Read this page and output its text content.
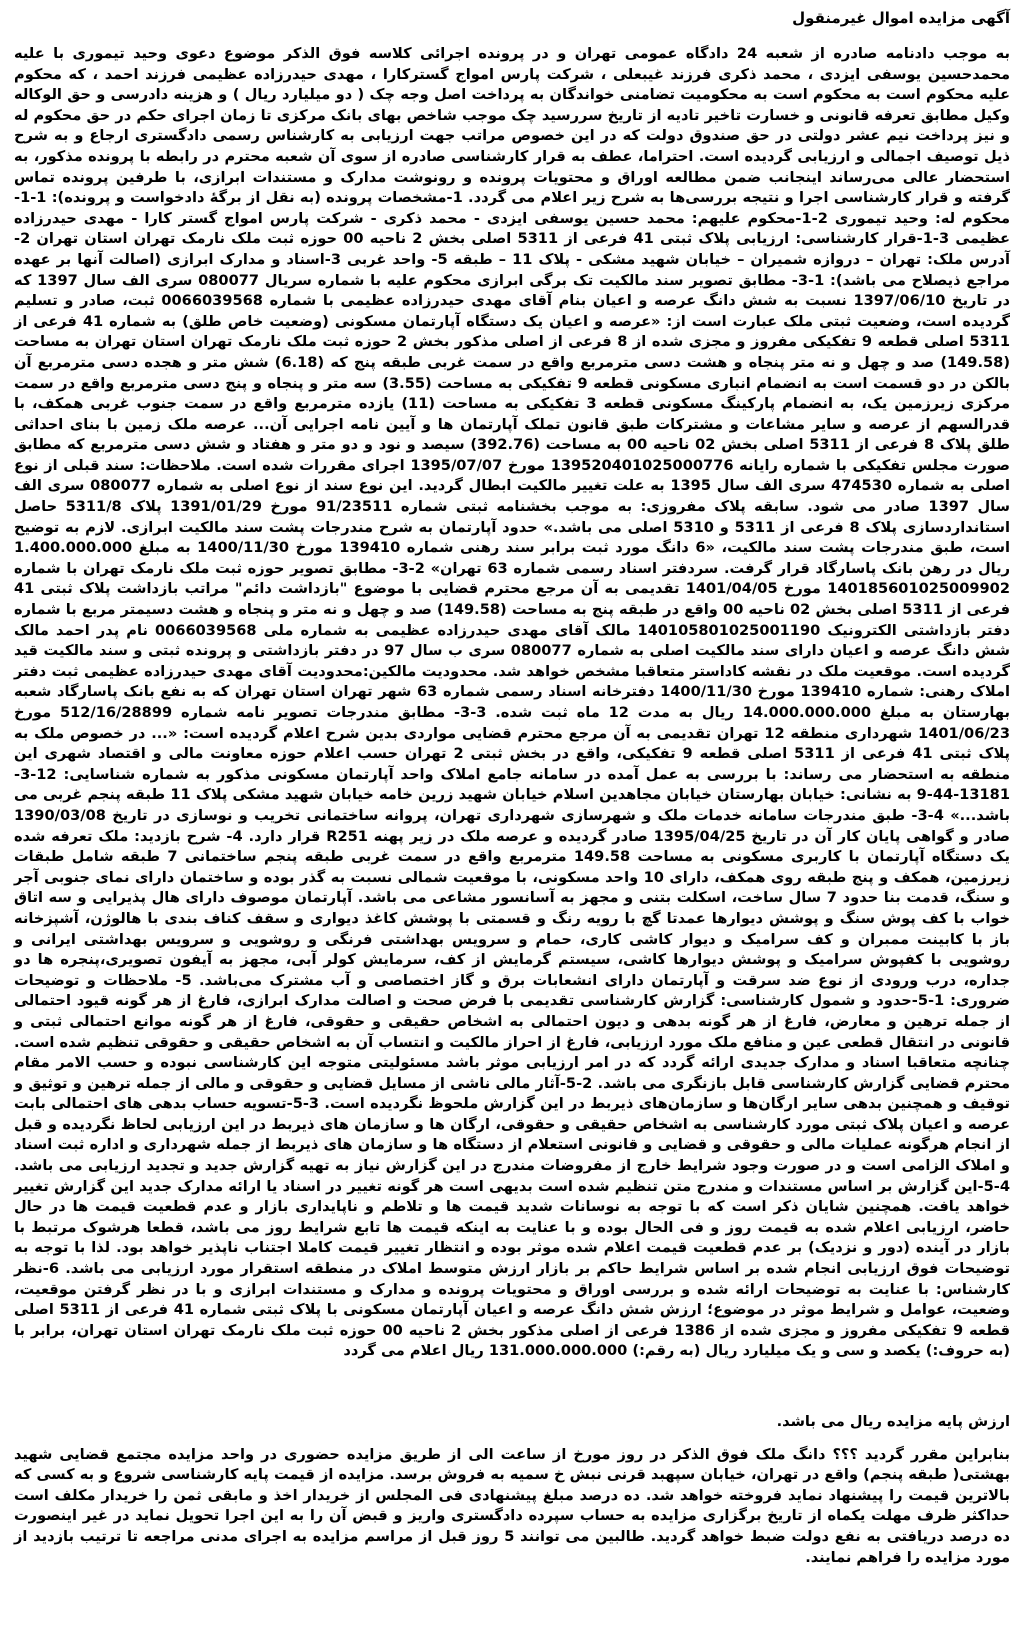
آگهی مزایده اموال غیرمنقول

به موجب دادنامه صادره از شعبه 24 دادگاه عمومی تهران و در پرونده اجرائی کلاسه فوق الذکر موضوع دعوی وحید تیموری با علیه محمدحسین یوسفی ایزدی ، محمد ذکری فرزند غیبعلی ، شرکت پارس امواج گسترکارا ، مهدی حیدرزاده عظیمی فرزند احمد ، که محکوم علیه محکوم است به محکوم است به محکومیت تضامنی خواندگان به پرداخت اصل وجه چک ( دو میلیارد ریال ) و هزینه دادرسی و حق الوکاله وکیل مطابق تعرفه قانونی و خسارت تاخیر تادیه از تاریخ سررسید چک موجب شاخص بهای بانک مرکزی تا زمان اجرای حکم در حق محکوم له و نیز پرداخت نیم عشر دولتی در حق صندوق دولت که در این خصوص مراتب جهت ارزیابی به کارشناس رسمی دادگستری ارجاع و به شرح ذیل توصیف اجمالی و ارزیابی گردیده است. احتراما، عطف به قرار کارشناسی صادره از سوی آن شعبه محترم در رابطه با پرونده مذکور، به استحضار عالی می‌رساند اینجانب ضمن مطالعه اوراق و محتویات پرونده و رونوشت مدارک و مستندات ابرازی، با طرفین پرونده تماس گرفته و قرار کارشناسی اجرا و نتیجه بررسی‌ها به شرح زیر اعلام می گردد. 1-مشخصات پرونده (به نقل از برگهٔ دادخواست و پرونده): 1-1-محکوم له: وحید تیموری 2-1-محکوم علیهم: محمد حسین یوسفی ایزدی - محمد ذکری - شرکت پارس امواج گستر کارا - مهدی حیدرزاده عظیمی 3-1-قرار کارشناسی: ارزیابی پلاک ثبتی 41 فرعی از 5311 اصلی بخش 2 ناحیه 00 حوزه ثبت ملک نارمک تهران استان تهران 2-آدرس ملک: تهران – دروازه شمیران – خیابان شهید مشکی - پلاک 11 – طبقه 5- واحد غربی 3-اسناد و مدارک ابرازی (اصالت آنها بر عهده مراجع ذیصلاح می باشد): 1-3- مطابق تصویر سند مالکیت تک برگی ابرازی محکوم علیه با شماره سریال 080077 سری الف سال 1397 که در تاریخ 1397/06/10 نسبت به شش دانگ عرصه و اعیان بنام آقای مهدی حیدرزاده عظیمی با شماره 0066039568 ثبت، صادر و تسلیم گردیده است، وضعیت ثبتی ملک عبارت است از: «عرصه و اعیان یک دستگاه آپارتمان مسکونی (وضعیت خاص طلق) به شماره 41 فرعی از 5311 اصلی قطعه 9 تفکیکی مفروز و مجزی شده از 8 فرعی از اصلی مذکور بخش 2 حوزه ثبت ملک نارمک تهران استان تهران به مساحت (149.58) صد و چهل و نه متر پنجاه و هشت دسی مترمربع واقع در سمت غربی طبقه پنج که (6.18) شش متر و هجده دسی مترمربع آن بالکن در دو قسمت است به انضمام انباری مسکونی قطعه 9 تفکیکی به مساحت (3.55) سه متر و پنجاه و پنج دسی مترمربع واقع در سمت مرکزی زیرزمین یک، به انضمام پارکینگ مسکونی قطعه 3 تفکیکی به مساحت (11) یازده مترمربع واقع در سمت جنوب غربی همکف، با قدرالسهم از عرصه و سایر مشاعات و مشترکات طبق قانون تملک آپارتمان ها و آیین نامه اجرایی آن... عرصه ملک زمین با بنای احداثی طلق پلاک 8 فرعی از 5311 اصلی بخش 02 ناحیه 00 به مساحت (392.76) سیصد و نود و دو متر و هفتاد و شش دسی مترمربع که مطابق صورت مجلس تفکیکی با شماره رایانه 139520401025000776 مورخ 1395/07/07 اجرای مقررات شده است. ملاحظات: سند قبلی از نوع اصلی به شماره 474530 سری الف سال 1395 به علت تغییر مالکیت ابطال گردید. این نوع سند از نوع اصلی به شماره 080077 سری الف سال 1397 صادر می شود. سابقه پلاک مفروزی: به موجب بخشنامه ثبتی شماره 91/23511 مورخ 1391/01/29 پلاک 5311/8 حاصل استانداردسازی پلاک 8 فرعی از 5311 و 5310 اصلی می باشد.» حدود آپارتمان به شرح مندرجات پشت سند مالکیت ابرازی. لازم به توضیح است، طبق مندرجات پشت سند مالکیت، «6 دانگ مورد ثبت برابر سند رهنی شماره 139410 مورخ 1400/11/30 به مبلغ 1.400.000.000 ریال در رهن بانک پاسارگاد قرار گرفت. سردفتر اسناد رسمی شماره 63 تهران» 2-3- مطابق تصویر حوزه ثبت ملک نارمک تهران با شماره 140185601025009902 مورخ 1401/04/05 تقدیمی به آن مرجع محترم قضایی با موضوع "بازداشت دائم" مراتب بازداشت پلاک ثبتی 41 فرعی از 5311 اصلی بخش 02 ناحیه 00 واقع در طبقه پنج به مساحت (149.58) صد و چهل و نه متر و پنجاه و هشت دسیمتر مربع با شماره دفتر بازداشتی الکترونیک 140105801025001190 مالک آقای مهدی حیدرزاده عظیمی به شماره ملی 0066039568 نام پدر احمد مالک شش دانگ عرصه و اعیان دارای سند مالکیت اصلی به شماره 080077 سری ب سال 97 در دفتر بازداشتی و پرونده ثبتی و سند مالکیت قید گردیده است. موقعیت ملک در نقشه کاداستر متعاقبا مشخص خواهد شد. محدودیت مالکین:محدودیت آقای مهدی حیدرزاده عظیمی ثبت دفتر املاک رهنی: شماره 139410 مورخ 1400/11/30 دفترخانه اسناد رسمی شماره 63 شهر تهران استان تهران که به نفع بانک پاسارگاد شعبه بهارستان به مبلغ 14.000.000.000 ریال به مدت 12 ماه ثبت شده. 3-3- مطابق مندرجات تصویر نامه شماره 512/16/28899 مورخ 1401/06/23 شهرداری منطقه 12 تهران تقدیمی به آن مرجع محترم قضایی مواردی بدین شرح اعلام گردیده است: «... در خصوص ملک به پلاک ثبتی 41 فرعی از 5311 اصلی قطعه 9 تفکیکی، واقع در بخش ثبتی 2 تهران حسب اعلام حوزه معاونت مالی و اقتصاد شهری این منطقه به استحضار می رساند: با بررسی به عمل آمده در سامانه جامع املاک واحد آپارتمان مسکونی مذکور به شماره شناسایی: 12-3-13181-44-9 به نشانی: خیابان بهارستان خیابان مجاهدین اسلام خیابان شهید زرین خامه خیابان شهید مشکی پلاک 11 طبقه پنجم غربی می باشد...» 4-3- طبق مندرجات سامانه خدمات ملک و شهرسازی شهرداری تهران، پروانه ساختمانی تخریب و نوسازی در تاریخ 1390/03/08 صادر و گواهی پایان کار آن در تاریخ 1395/04/25 صادر گردیده و عرصه ملک در زیر پهنه R251 قرار دارد. 4- شرح بازدید: ملک تعرفه شده یک دستگاه آپارتمان با کاربری مسکونی به مساحت 149.58 مترمربع واقع در سمت غربی طبقه پنجم ساختمانی 7 طبقه شامل طبقات زیرزمین، همکف و پنج طبقه روی همکف، دارای 10 واحد مسکونی، با موقعیت شمالی نسبت به گذر بوده و ساختمان دارای نمای جنوبی آجر و سنگ، قدمت بنا حدود 7 سال ساخت، اسکلت بتنی و مجهز به آسانسور مشاعی می باشد. آپارتمان موصوف دارای هال پذیرایی و سه اتاق خواب با کف پوش سنگ و پوشش دیوارها عمدتا گچ با رویه رنگ و قسمتی با پوشش کاغذ دیواری و سقف کناف بندی با هالوژن، آشپزخانه باز با کابینت ممبران و کف سرامیک و دیوار کاشی کاری، حمام و سرویس بهداشتی فرنگی و روشویی و سرویس بهداشتی ایرانی و روشویی با کفپوش سرامیک و پوشش دیوارها کاشی، سیستم گرمایش از کف، سرمایش کولر آبی، مجهز به آیفون تصویری،پنجره ها دو جداره، درب ورودی از نوع ضد سرقت و آپارتمان دارای انشعابات برق و گاز اختصاصی و آب مشترک می‌باشد. 5- ملاحظات و توضیحات ضروری: 1-5-حدود و شمول کارشناسی: گزارش کارشناسی تقدیمی با فرض صحت و اصالت مدارک ابرازی، فارغ از هر گونه قیود احتمالی از جمله ترهین و معارض، فارغ از هر گونه بدهی و دیون احتمالی به اشخاص حقیقی و حقوقی، فارغ از هر گونه موانع احتمالی ثبتی و قانونی در انتقال قطعی عین و منافع ملک مورد ارزیابی، فارغ از احراز مالکیت و انتساب آن به اشخاص حقیقی و حقوقی تنظیم شده است. چنانچه متعاقبا اسناد و مدارک جدیدی ارائه گردد که در امر ارزیابی موثر باشد مسئولیتی متوجه این کارشناسی نبوده و حسب الامر مقام محترم قضایی گزارش کارشناسی قابل بازنگری می باشد. 2-5-آثار مالی ناشی از مسایل قضایی و حقوقی و مالی از جمله ترهین و توثیق و توقیف و همچنین بدهی سایر ارگان‌ها و سازمان‌های ذیربط در این گزارش ملحوظ نگردیده است. 3-5-تسویه حساب بدهی های احتمالی بابت عرصه و اعیان پلاک ثبتی مورد کارشناسی به اشخاص حقیقی و حقوقی، ارگان ها و سازمان های ذیربط در این ارزیابی لحاظ نگردیده و قبل از انجام هرگونه عملیات مالی و حقوقی و قضایی و قانونی استعلام از دستگاه ها و سازمان های ذیربط از جمله شهرداری و اداره ثبت اسناد و املاک الزامی است و در صورت وجود شرایط خارج از مفروضات مندرج در این گزارش نیاز به تهیه گزارش جدید و تجدید ارزیابی می باشد. 4-5-این گزارش بر اساس مستندات و مندرج متن تنظیم شده است بدیهی است هر گونه تغییر در اسناد یا ارائه مدارک جدید این گزارش تغییر خواهد یافت. همچنین شایان ذکر است که با توجه به نوسانات شدید قیمت ها و تلاطم و ناپایداری بازار و عدم قطعیت قیمت ها در حال حاضر، ارزیابی اعلام شده به قیمت روز و فی الحال بوده و با عنایت به اینکه قیمت ها تابع شرایط روز می باشد، قطعا هرشوک مرتبط با بازار در آینده (دور و نزدیک) بر عدم قطعیت قیمت اعلام شده موثر بوده و انتظار تغییر قیمت کاملا اجتناب ناپذیر خواهد بود. لذا با توجه به توضیحات فوق ارزیابی انجام شده بر اساس شرایط حاکم بر بازار ارزش متوسط املاک در منطقه استقرار مورد ارزیابی می باشد. 6-نظر کارشناس: با عنایت به توضیحات ارائه شده و بررسی اوراق و محتویات پرونده و مدارک و مستندات ابرازی و با در نظر گرفتن موقعیت، وضعیت، عوامل و شرایط موثر در موضوع؛ ارزش شش دانگ عرصه و اعیان آپارتمان مسکونی با پلاک ثبتی شماره 41 فرعی از 5311 اصلی قطعه 9 تفکیکی مفروز و مجزی شده از 1386 فرعی از اصلی مذکور بخش 2 ناحیه 00 حوزه ثبت ملک نارمک تهران استان تهران، برابر با (به حروف:) یکصد و سی و یک میلیارد ریال (به رقم:) 131.000.000.000 ریال اعلام می گردد

ارزش پایه مزایده ریال می باشد.

بنابراین مقرر گردید ؟؟؟ دانگ ملک فوق الذکر در روز مورخ از ساعت الی از طریق مزایده حضوری در واحد مزایده مجتمع قضایی شهید بهشتی( طبقه پنجم) واقع در تهران، خیابان سپهبد قرنی نبش خ سمیه به فروش برسد. مزایده از قیمت پایه کارشناسی شروع و به کسی که بالاترین قیمت را پیشنهاد نماید فروخته خواهد شد. ده درصد مبلغ پیشنهادی فی المجلس از خریدار اخذ و مابقی ثمن را خریدار مکلف است حداکثر ظرف مهلت یکماه از تاریخ برگزاری مزایده به حساب سپرده دادگستری واریز و قبض آن را به این اجرا تحویل نماید در غیر اینصورت ده درصد دریافتی به نفع دولت ضبط خواهد گردید. طالبین می توانند 5 روز قبل از مراسم مزایده به اجرای مدنی مراجعه تا ترتیب بازدید از مورد مزایده را فراهم نمایند.
